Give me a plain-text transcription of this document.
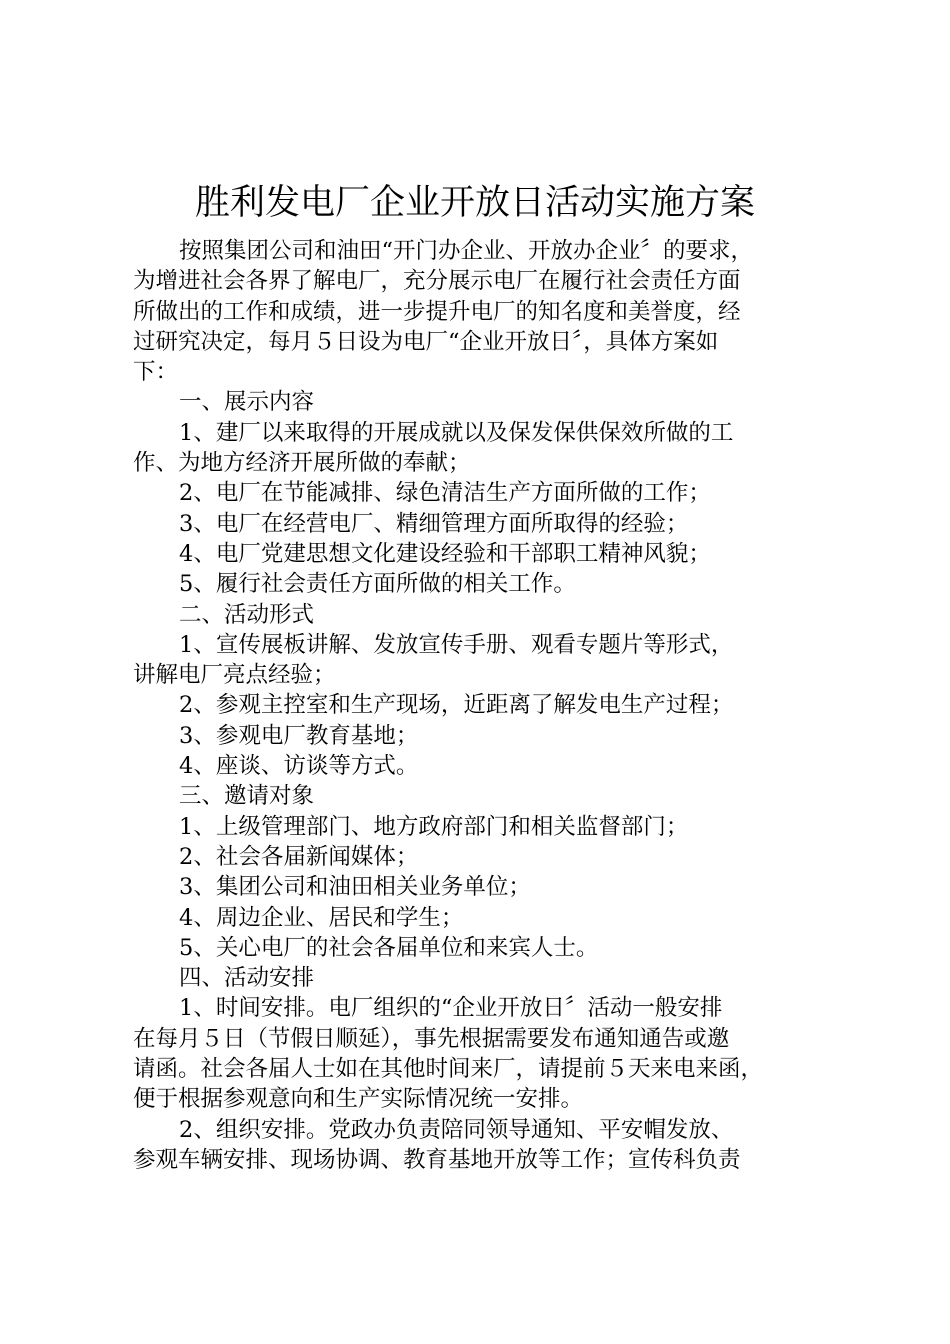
胜利发电厂企业开放日活动实施方案
按照集团公司和油田“开门办企业、开放办企业〞的要求，
为增进社会各界了解电厂，充分展示电厂在履行社会责任方面
所做出的工作和成绩，进一步提升电厂的知名度和美誉度，经
过研究决定，每月５日设为电厂“企业开放日〞，具体方案如
下：
一、展示内容
1、建厂以来取得的开展成就以及保发保供保效所做的工
作、为地方经济开展所做的奉献；
2、电厂在节能减排、绿色清洁生产方面所做的工作；
3、电厂在经营电厂、精细管理方面所取得的经验；
4、电厂党建思想文化建设经验和干部职工精神风貌；
5、履行社会责任方面所做的相关工作。
二、活动形式
1、宣传展板讲解、发放宣传手册、观看专题片等形式，
讲解电厂亮点经验；
2、参观主控室和生产现场，近距离了解发电生产过程；
3、参观电厂教育基地；
4、座谈、访谈等方式。
三、邀请对象
1、上级管理部门、地方政府部门和相关监督部门；
2、社会各届新闻媒体；
3、集团公司和油田相关业务单位；
4、周边企业、居民和学生；
5、关心电厂的社会各届单位和来宾人士。
四、活动安排
1、时间安排。电厂组织的“企业开放日〞活动一般安排
在每月５日（节假日顺延），事先根据需要发布通知通告或邀
请函。社会各届人士如在其他时间来厂，请提前５天来电来函，
便于根据参观意向和生产实际情况统一安排。
2、组织安排。党政办负责陪同领导通知、平安帽发放、
参观车辆安排、现场协调、教育基地开放等工作；宣传科负责
